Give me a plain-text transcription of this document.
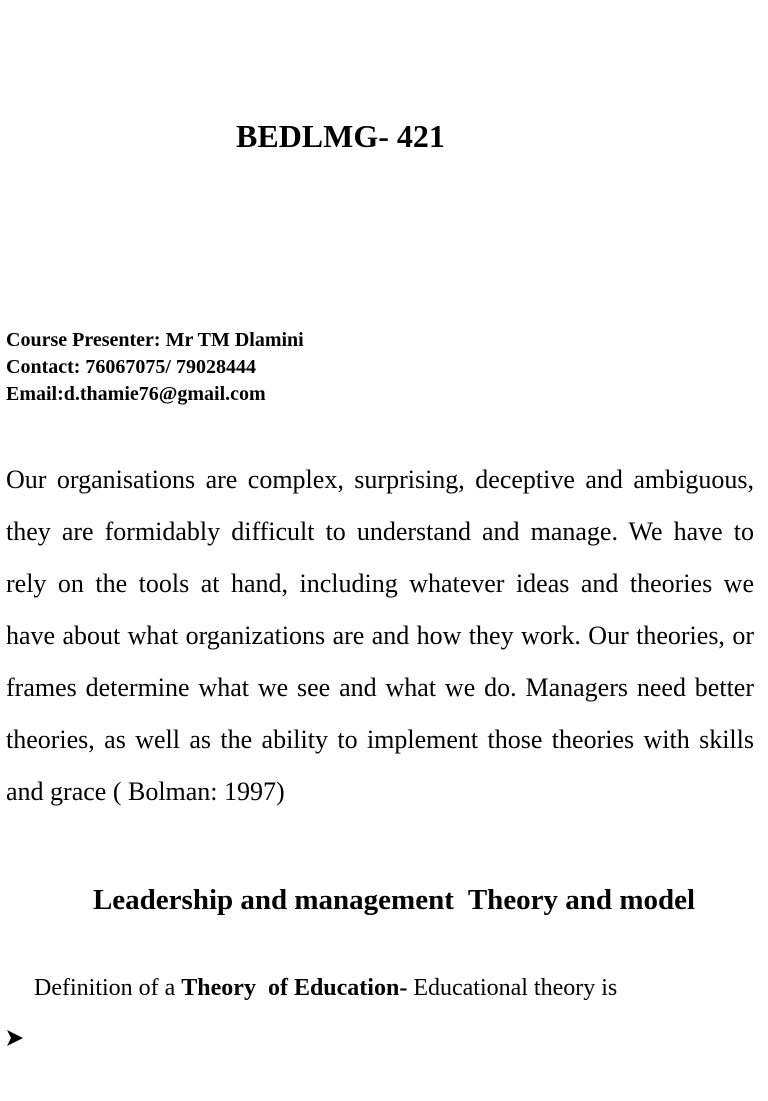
BEDLMG- 421
Course Presenter: Mr TM Dlamini
Contact: 76067075/ 79028444
Email:d.thamie76@gmail.com

Our organisations are complex, surprising, deceptive and ambiguous, they are formidably difficult to understand and manage. We have to rely on the tools at hand, including whatever ideas and theories we have about what organizations are and how they work. Our theories, or frames determine what we see and what we do. Managers need better theories, as well as the ability to implement those theories with skills and grace ( Bolman: 1997)

Leadership and management  Theory and model

Definition of a Theory  of Education- Educational theory is
